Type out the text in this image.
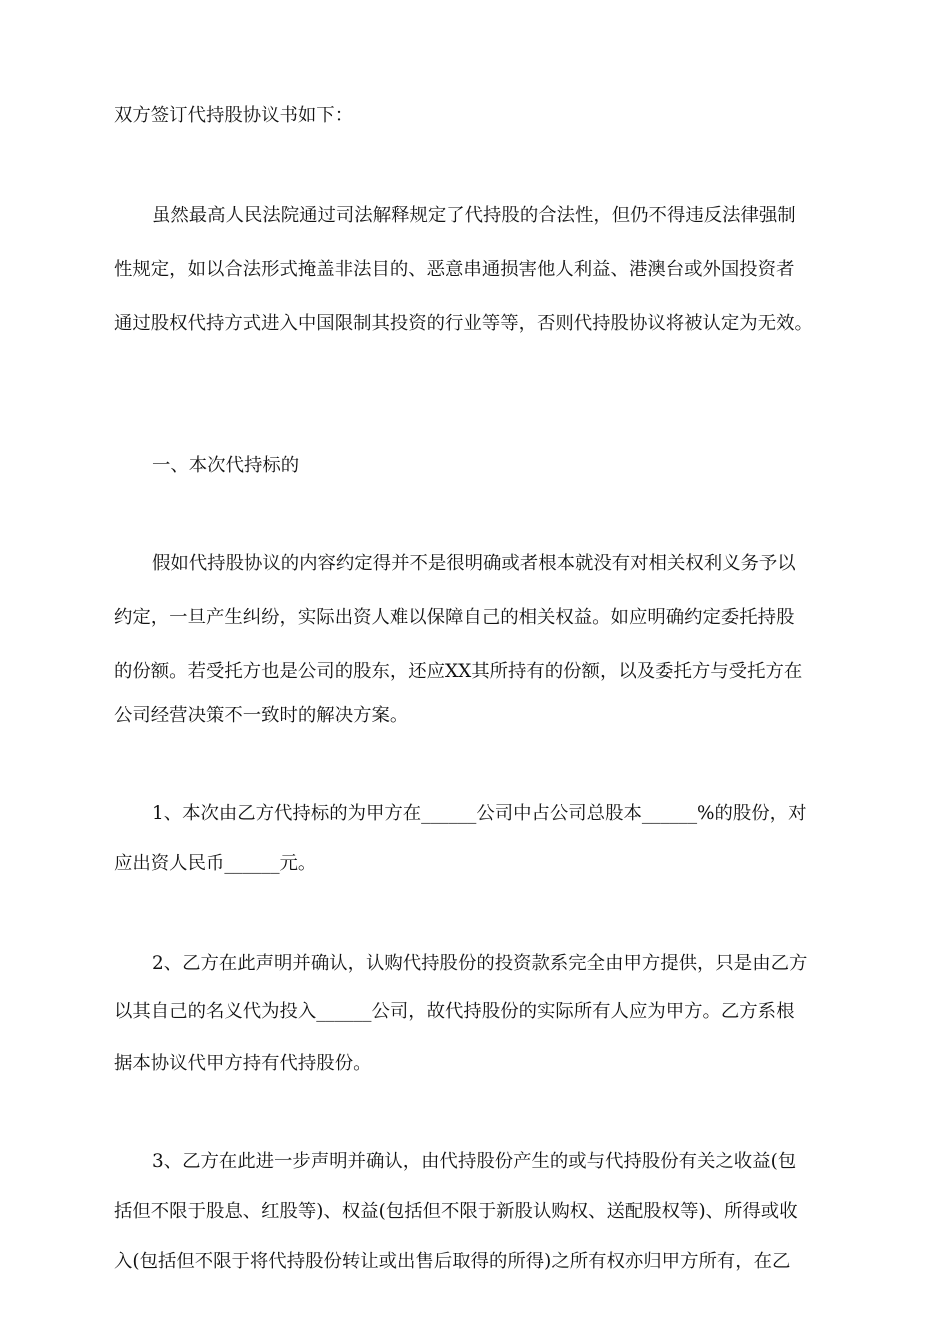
双方签订代持股协议书如下：
虽然最高人民法院通过司法解释规定了代持股的合法性，但仍不得违反法律强制
性规定，如以合法形式掩盖非法目的、恶意串通损害他人利益、港澳台或外国投资者
通过股权代持方式进入中国限制其投资的行业等等，否则代持股协议将被认定为无效。
一、本次代持标的
假如代持股协议的内容约定得并不是很明确或者根本就没有对相关权利义务予以
约定，一旦产生纠纷，实际出资人难以保障自己的相关权益。如应明确约定委托持股
的份额。若受托方也是公司的股东，还应XX其所持有的份额，以及委托方与受托方在
公司经营决策不一致时的解决方案。
1、本次由乙方代持标的为甲方在______公司中占公司总股本______%的股份，对
应出资人民币______元。
2、乙方在此声明并确认，认购代持股份的投资款系完全由甲方提供，只是由乙方
以其自己的名义代为投入______公司，故代持股份的实际所有人应为甲方。乙方系根
据本协议代甲方持有代持股份。
3、乙方在此进一步声明并确认，由代持股份产生的或与代持股份有关之收益(包
括但不限于股息、红股等)、权益(包括但不限于新股认购权、送配股权等)、所得或收
入(包括但不限于将代持股份转让或出售后取得的所得)之所有权亦归甲方所有，在乙
